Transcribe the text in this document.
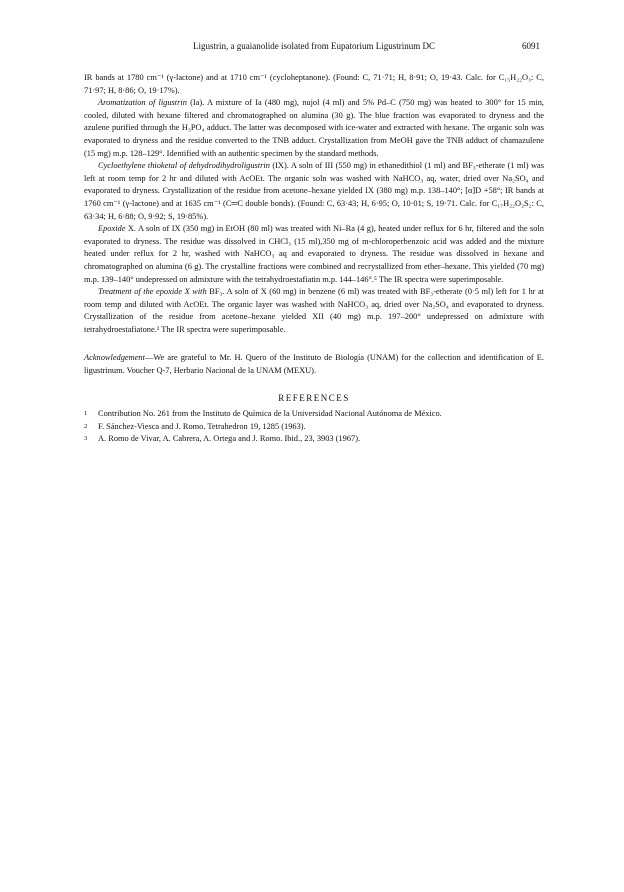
Ligustrin, a guaianolide isolated from Eupatorium Ligustrinum DC	6091

IR bands at 1780 cm⁻¹ (γ-lactone) and at 1710 cm⁻¹ (cycloheptanone). (Found: C, 71·71; H, 8·91; O, 19·43. Calc. for C₁₅H₂₂O₃: C, 71·97; H, 8·86; O, 19·17%).

Aromatization of ligustrin (Ia). A mixture of Ia (480 mg), nujol (4 ml) and 5% Pd–C (750 mg) was heated to 300° for 15 min, cooled, diluted with hexane filtered and chromatographed on alumina (30 g). The blue fraction was evaporated to dryness and the azulene purified through the H₃PO₄ adduct. The latter was decomposed with ice-water and extracted with hexane. The organic soln was evaporated to dryness and the residue converted to the TNB adduct. Crystallization from MeOH gave the TNB adduct of chamazulene (15 mg) m.p. 128–129°. Identified with an authentic specimen by the standard methods.

Cycloethylene thioketal of dehydrodihydroligustrin (IX). A soln of III (550 mg) in ethanedithiol (1 ml) and BF₃-etherate (1 ml) was left at room temp for 2 hr and diluted with AcOEt. The organic soln was washed with NaHCO₃ aq, water, dried over Na₂SO₄ and evaporated to dryness. Crystallization of the residue from acetone–hexane yielded IX (380 mg) m.p. 138–140°; [α]D +58°; IR bands at 1760 cm⁻¹ (γ-lactone) and at 1635 cm⁻¹ (C═C double bonds). (Found: C, 63·43; H, 6·95; O, 10·01; S, 19·71. Calc. for C₁₇H₂₂O₂S₂: C, 63·34; H, 6·88; O, 9·92; S, 19·85%).

Epoxide X. A soln of IX (350 mg) in EtOH (80 ml) was treated with Ni–Ra (4 g), heated under reflux for 6 hr, filtered and the soln evaporated to dryness. The residue was dissolved in CHCl₃ (15 ml),350 mg of m-chloroperbenzoic acid was added and the mixture heated under reflux for 2 hr, washed with NaHCO₃ aq and evaporated to dryness. The residue was dissolved in hexane and chromatographed on alumina (6 g). The crystalline fractions were combined and recrystallized from ether–hexane. This yielded (70 mg) m.p. 139–140° undepressed on admixture with the tetrahydroestafiatin m.p. 144–146°.⁵ The IR spectra were superimposable.

Treatment of the epoxide X with BF₃. A soln of X (60 mg) in benzene (6 ml) was treated with BF₃-etherate (0·5 ml) left for 1 hr at room temp and diluted with AcOEt. The organic layer was washed with NaHCO₃ aq, dried over Na₂SO₄ and evaporated to dryness. Crystallization of the residue from acetone–hexane yielded XII (40 mg) m.p. 197–200° undepressed on admixture with tetrahydroestafiatone.² The IR spectra were superimposable.

Acknowledgement—We are grateful to Mr. H. Quero of the Instituto de Biología (UNAM) for the collection and identification of E. ligustrinum. Voucher Q-7, Herbario Nacional de la UNAM (MEXU).

REFERENCES
1	Contribution No. 261 from the Instituto de Química de la Universidad Nacional Autónoma de México.
2	F. Sánchez-Viesca and J. Romo. Tetrahedron 19, 1285 (1963).
3	A. Romo de Vivar, A. Cabrera, A. Ortega and J. Romo. Ibid., 23, 3903 (1967).
